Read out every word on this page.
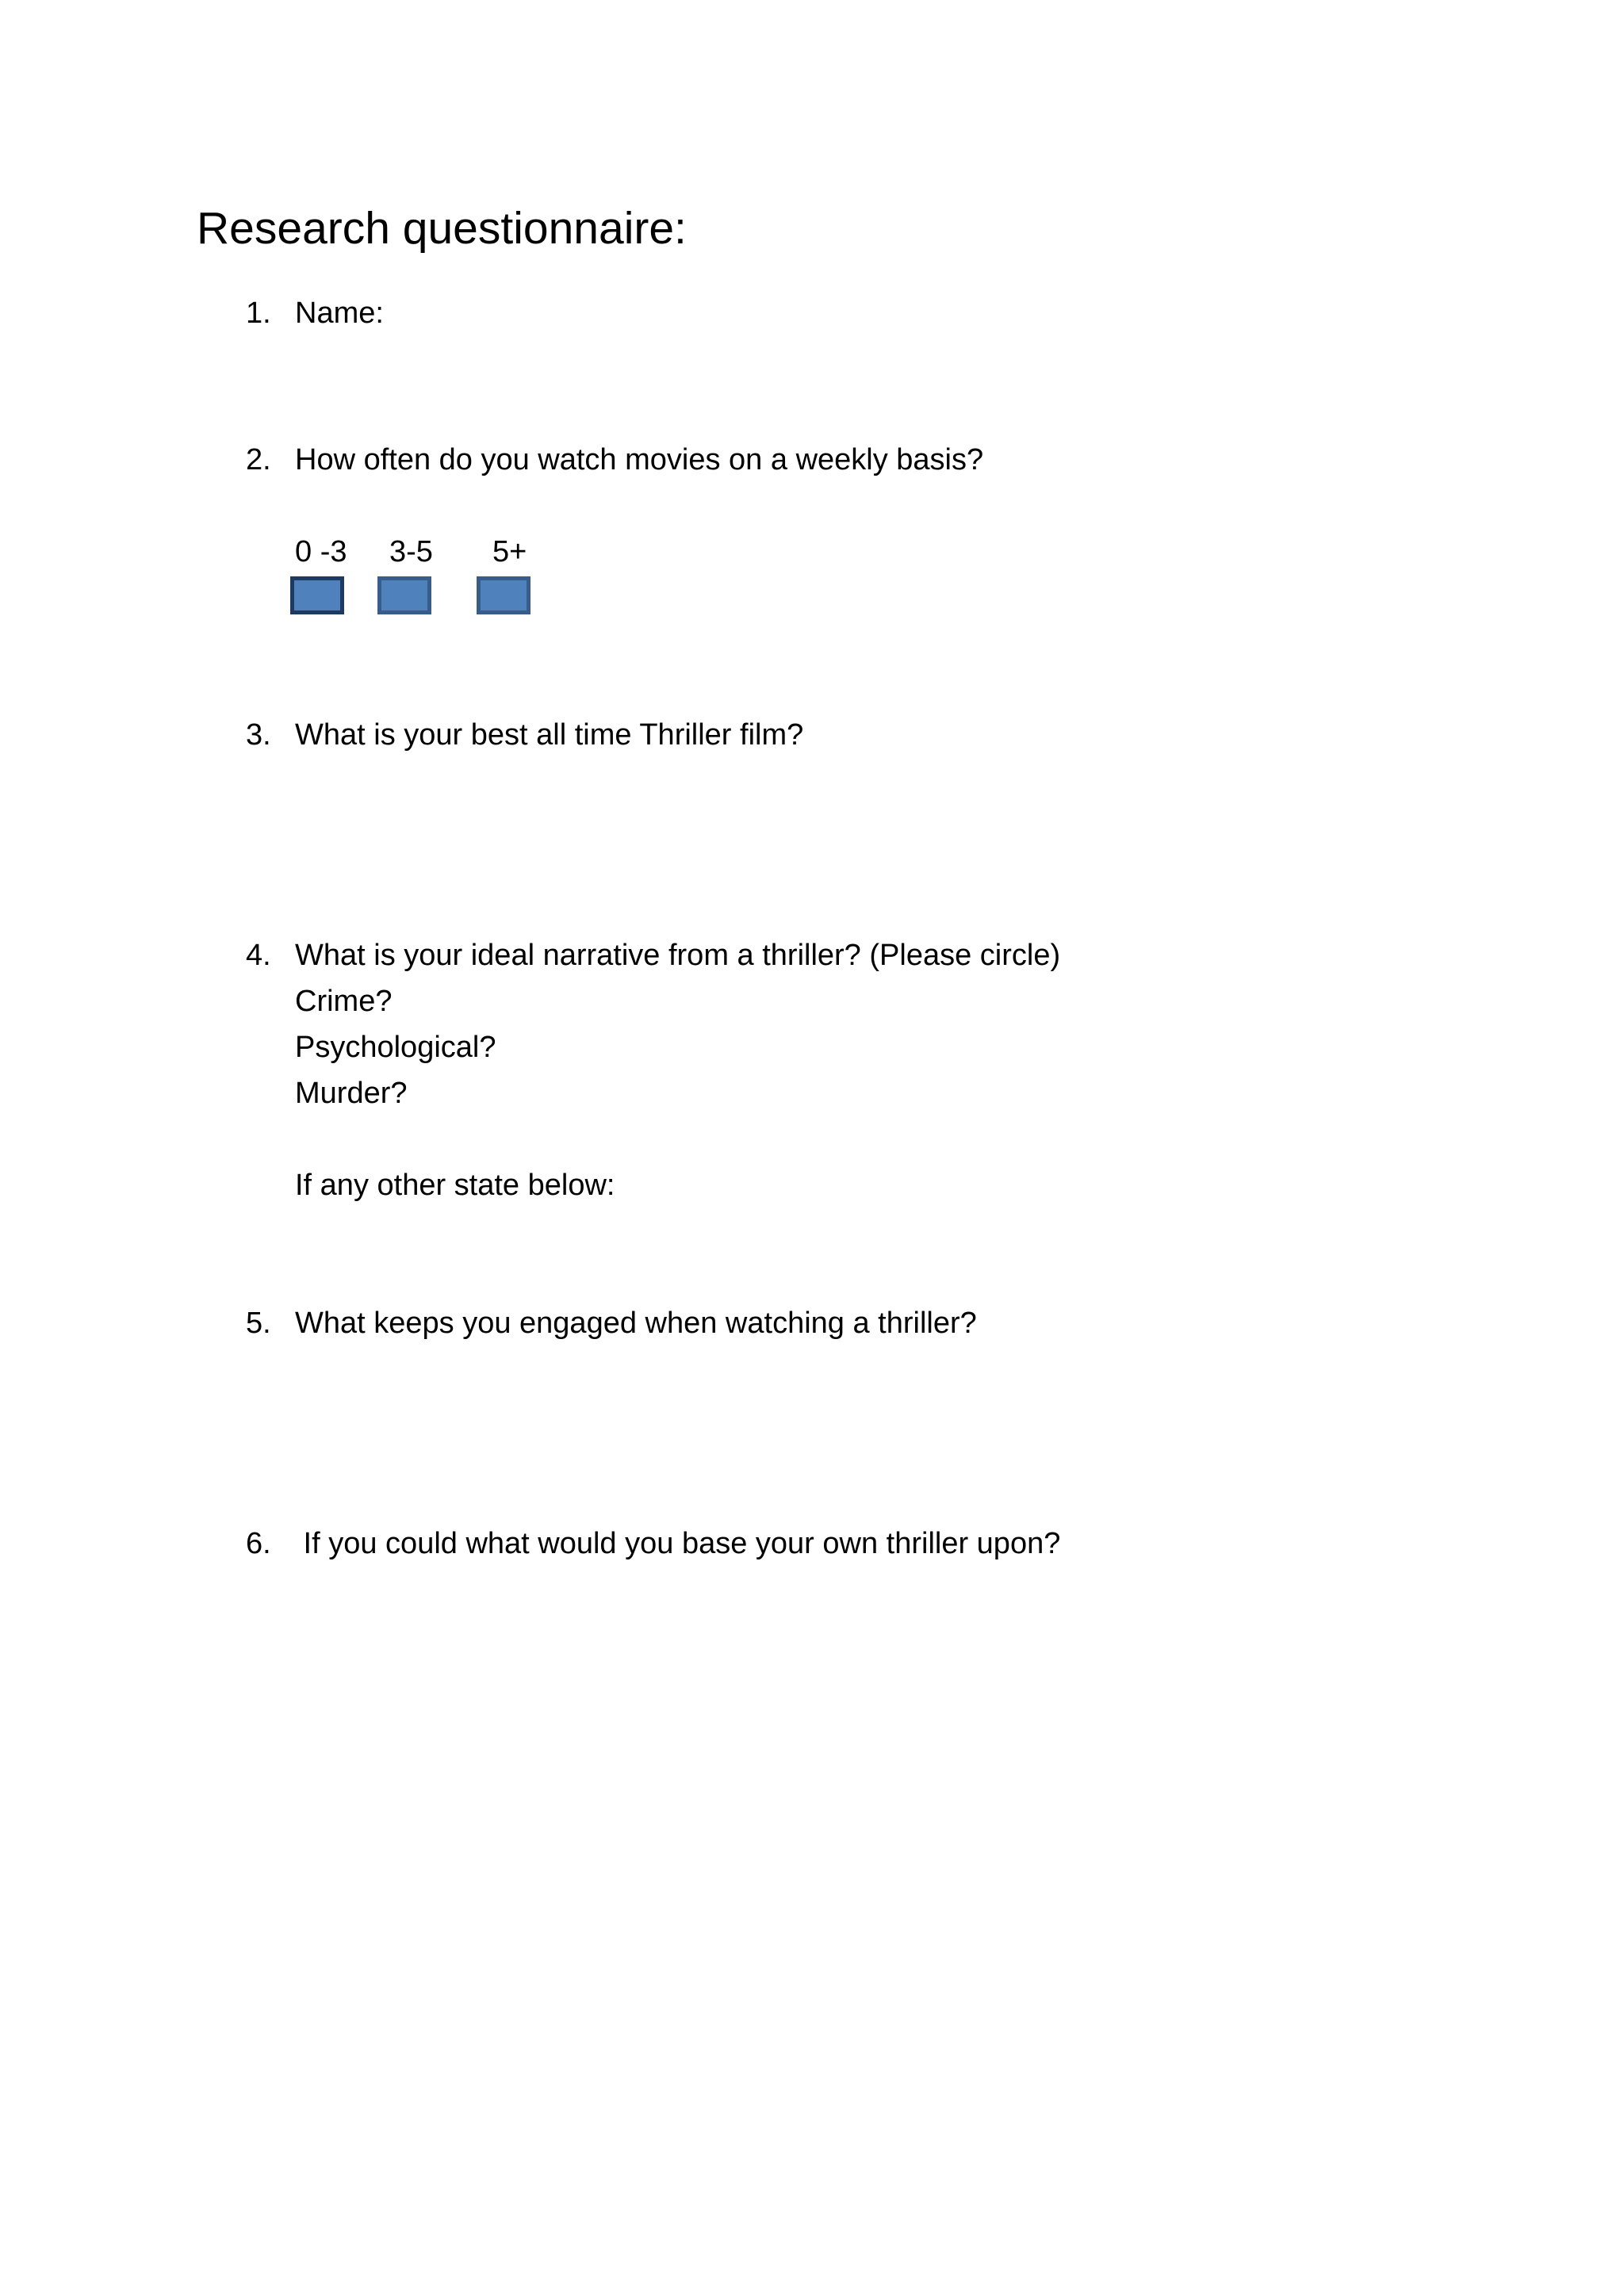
Research questionnaire:
1. Name:
2. How often do you watch movies on a weekly basis?
0 -3 3-5 5+
3. What is your best all time Thriller film?
4. What is your ideal narrative from a thriller? (Please circle)
Crime?
Psychological?
Murder?
If any other state below:
5. What keeps you engaged when watching a thriller?
6. If you could what would you base your own thriller upon?
